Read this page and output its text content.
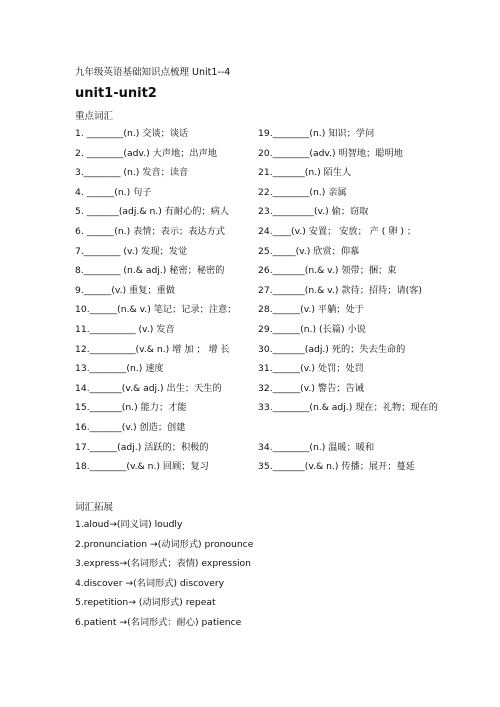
九年级英语基础知识点梳理 Unit1--4
unit1-unit2
重点词汇
1. ________(n.) 交谈；谈话
2. ________(adv.) 大声地；出声地
3.________ (n.) 发音；读音
4. ______(n.) 句子
5. _______(adj.& n.) 有耐心的；病人
6. ______(n.) 表情；表示；表达方式
7.________ (v.) 发现；发觉
8.________ (n.& adj.) 秘密；秘密的
9.______(v.) 重复；重做
10.______(n.& v.) 笔记；记录；注意；
11.__________ (v.) 发音
12.__________(v.& n.) 增 加 ； 增 长
13.________(n.) 速度
14._______(v.& adj.) 出生；天生的
15._______(n.) 能力；才能
16._______(v.) 创造；创建
17.______(adj.) 活跃的；积极的
18.________(v.& n.) 回顾；复习
19.________(n.) 知识；学问
20.________(adv.) 明智地；聪明地
21._______(n.) 陌生人
22.________(n.) 亲属
23._________(v.) 偷；窃取
24.____(v.) 安置； 安放； 产 ( 卵 ) ；
25._____(v.) 欣赏；仰慕
26._______(n.& v.) 领带；捆；束
27._______(n.& v.) 款待；招待；请(客)
28.______(v.) 平躺；处于
29.______(n.) (长篇) 小说
30._______(adj.) 死的；失去生命的
31.______(v.) 处罚；处罚
32.______(v.) 警告；告诫
33.________(n.& adj.) 现在；礼物；现在的
34.________(n.) 温暖；暖和
35._______(v.& n.) 传播；展开；蔓延
词汇拓展
1.aloud→(同义词) loudly
2.pronunciation →(动词形式) pronounce
3.express→(名词形式；表情) expression
4.discover →(名词形式) discovery
5.repetition→ (动词形式) repeat
6.patient →(名词形式：耐心) patience
